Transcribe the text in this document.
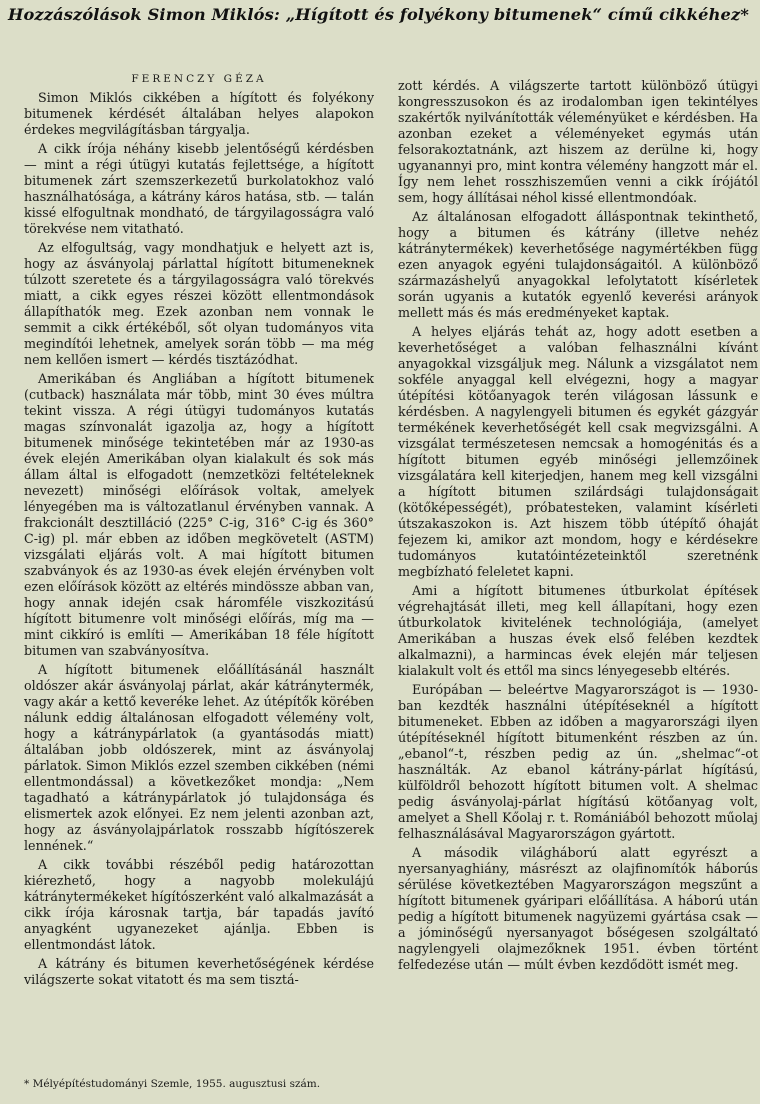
Hozzászólások Simon Miklós: „Hígított és folyékony bitumenek“ című cikkéhez*
FERENCZY GÉZA

Simon Miklós cikkében a hígított és folyékony bitumenek kérdését általában helyes alapokon érdekes megvilágításban tárgyalja.

A cikk írója néhány kisebb jelentőségű kérdésben — mint a régi útügyi kutatás fejlettsége, a hígított bitumenek zárt szemszerkezetű burkolatokhoz való használhatósága, a kátrány káros hatása, stb. — talán kissé elfogultnak mondható, de tárgyilagosságra való törekvése nem vitatható.

Az elfogultság, vagy mondhatjuk e helyett azt is, hogy az ásványolaj párlattal hígított bitumeneknek túlzott szeretete és a tárgyilagosságra való törekvés miatt, a cikk egyes részei között ellentmondások állapíthatók meg. Ezek azonban nem vonnak le semmit a cikk értékéből, sőt olyan tudományos vita megindítói lehetnek, amelyek során több — ma még nem kellően ismert — kérdés tisztázódhat.

Amerikában és Angliában a hígított bitumenek (cutback) használata már több, mint 30 éves múltra tekint vissza. A régi útügyi tudományos kutatás magas színvonalát igazolja az, hogy a hígított bitumenek minősége tekintetében már az 1930-as évek elején Amerikában olyan kialakult és sok más állam által is elfogadott (nemzetközi feltételeknek nevezett) minőségi előírások voltak, amelyek lényegében ma is változatlanul érvényben vannak. A frakcionált desztilláció (225° C-ig, 316° C-ig és 360° C-ig) pl. már ebben az időben megkövetelt (ASTM) vizsgálati eljárás volt. A mai hígított bitumen szabványok és az 1930-as évek elején érvényben volt ezen előírások között az eltérés mindössze abban van, hogy annak idején csak háromféle viszkozitású hígított bitumenre volt minőségi előírás, míg ma — mint cikkíró is említi — Amerikában 18 féle hígított bitumen van szabványosítva.

A hígított bitumenek előállításánál használt oldószer akár ásványolaj párlat, akár kátránytermék, vagy akár a kettő keveréke lehet. Az útépítők körében nálunk eddig általánosan elfogadott vélemény volt, hogy a kátránypárlatok (a gyantásodás miatt) általában jobb oldószerek, mint az ásványolaj párlatok. Simon Miklós ezzel szemben cikkében (némi ellentmondással) a következőket mondja: „Nem tagadható a kátránypárlatok jó tulajdonsága és elismertek azok előnyei. Ez nem jelenti azonban azt, hogy az ásványolajpárlatok rosszabb hígítószerek lennének.“

A cikk további részéből pedig határozottan kiérezhető, hogy a nagyobb molekulájú kátránytermékeket hígítószerként való alkalmazását a cikk írója károsnak tartja, bár tapadás javító anyagként ugyanezeket ajánlja. Ebben is ellentmondást látok.

A kátrány és bitumen keverhetőségének kérdése világszerte sokat vitatott és ma sem tisztá-

zott kérdés. A világszerte tartott különböző útügyi kongresszusokon és az irodalomban igen tekintélyes szakértők nyilvánították véleményüket e kérdésben. Ha azonban ezeket a véleményeket egymás után felsorakoztatnánk, azt hiszem az derülne ki, hogy ugyanannyi pro, mint kontra vélemény hangzott már el. Így nem lehet rosszhiszeműen venni a cikk írójától sem, hogy állításai néhol kissé ellentmondóak.

Az általánosan elfogadott álláspontnak tekinthető, hogy a bitumen és kátrány (illetve nehéz kátránytermékek) keverhetősége nagymértékben függ ezen anyagok egyéni tulajdonságaitól. A különböző származáshelyű anyagokkal lefolytatott kísérletek során ugyanis a kutatók egyenlő keverési arányok mellett más és más eredményeket kaptak.

A helyes eljárás tehát az, hogy adott esetben a keverhetőséget a valóban felhasználni kívánt anyagokkal vizsgáljuk meg. Nálunk a vizsgálatot nem sokféle anyaggal kell elvégezni, hogy a magyar útépítési kötőanyagok terén világosan lássunk e kérdésben. A nagylengyeli bitumen és egykét gázgyár termékének keverhetőségét kell csak megvizsgálni. A vizsgálat természetesen nemcsak a homogénitás és a hígított bitumen egyéb minőségi jellemzőinek vizsgálatára kell kiterjedjen, hanem meg kell vizsgálni a hígított bitumen szilárdsági tulajdonságait (kötőképességét), próbatesteken, valamint kísérleti útszakaszokon is. Azt hiszem több útépítő óhaját fejezem ki, amikor azt mondom, hogy e kérdésekre tudományos kutatóintézeteinktől szeretnénk megbízható feleletet kapni.

Ami a hígított bitumenes útburkolat építések végrehajtását illeti, meg kell állapítani, hogy ezen útburkolatok kivitelének technológiája, (amelyet Amerikában a huszas évek első felében kezdtek alkalmazni), a harmincas évek elején már teljesen kialakult volt és ettől ma sincs lényegesebb eltérés.

Európában — beleértve Magyarországot is — 1930-ban kezdték használni útépítéseknél a hígított bitumeneket. Ebben az időben a magyarországi ilyen útépítéseknél hígított bitumenként részben az ún. „ebanol“-t, részben pedig az ún. „shelmac“-ot használták. Az ebanol kátrány-párlat hígítású, külföldről behozott hígított bitumen volt. A shelmac pedig ásványolaj-párlat hígítású kötőanyag volt, amelyet a Shell Kőolaj r. t. Romániából behozott műolaj felhasználásával Magyarországon gyártott.

A második világháború alatt egyrészt a nyersanyaghiány, másrészt az olajfinomítók háborús sérülése következtében Magyarországon megszűnt a hígított bitumenek gyáripari előállítása. A háború után pedig a hígított bitumenek nagyüzemi gyártása csak — a jóminőségű nyersanyagot bőségesen szolgáltató nagylengyeli olajmezőknek 1951. évben történt felfedezése után — múlt évben kezdődött ismét meg.

* Mélyépítéstudományi Szemle, 1955. augusztusi szám.
